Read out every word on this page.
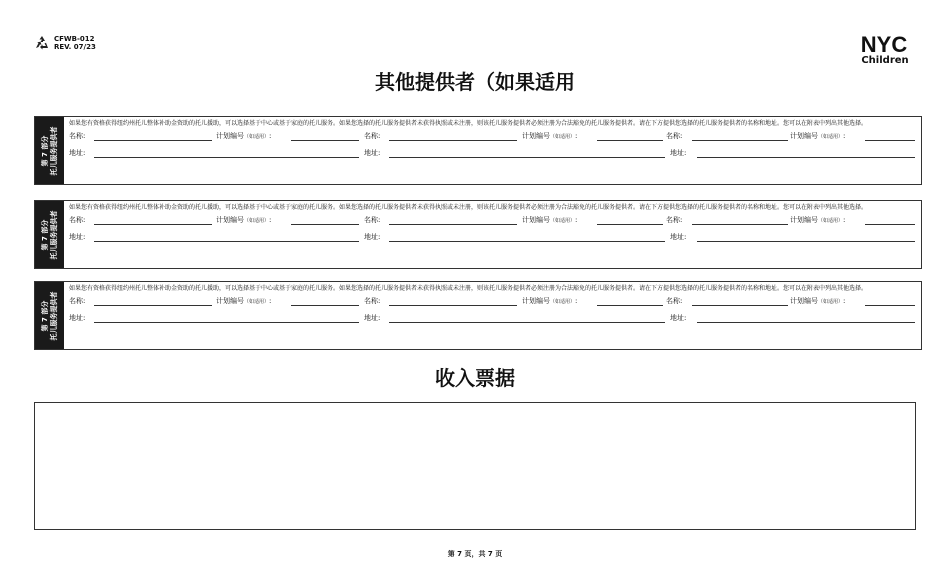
CFWB-012
REV. 07/23	NYC
Children
其他提供者（如果适用
第 7 部分
托儿服务提供者

如果您有资格获得纽约州托儿整体补助金资助的托儿援助，可以选择基于中心或基于家庭的托儿服务。如果您选择的托儿服务提供者未获得执照或未注册，则该托儿服务提供者必须注册为合法豁免的托儿服务提供者。请在下方提供您选择的托儿服务提供者的名称和地址。您可以在附表中列出其他选择。

名称:	计划编号（如适用）:	名称:	计划编号（如适用）:	名称:	计划编号（如适用）:
地址:	地址:	地址:
第 7 部分
托儿服务提供者

如果您有资格获得纽约州托儿整体补助金资助的托儿援助，可以选择基于中心或基于家庭的托儿服务。如果您选择的托儿服务提供者未获得执照或未注册，则该托儿服务提供者必须注册为合法豁免的托儿服务提供者。请在下方提供您选择的托儿服务提供者的名称和地址。您可以在附表中列出其他选择。

名称:	计划编号（如适用）:	名称:	计划编号（如适用）:	名称:	计划编号（如适用）:
地址:	地址:	地址:
第 7 部分
托儿服务提供者

如果您有资格获得纽约州托儿整体补助金资助的托儿援助，可以选择基于中心或基于家庭的托儿服务。如果您选择的托儿服务提供者未获得执照或未注册，则该托儿服务提供者必须注册为合法豁免的托儿服务提供者。请在下方提供您选择的托儿服务提供者的名称和地址。您可以在附表中列出其他选择。

名称:	计划编号（如适用）:	名称:	计划编号（如适用）:	名称:	计划编号（如适用）:
地址:	地址:	地址:
收入票据
第 7 页，共 7 页
